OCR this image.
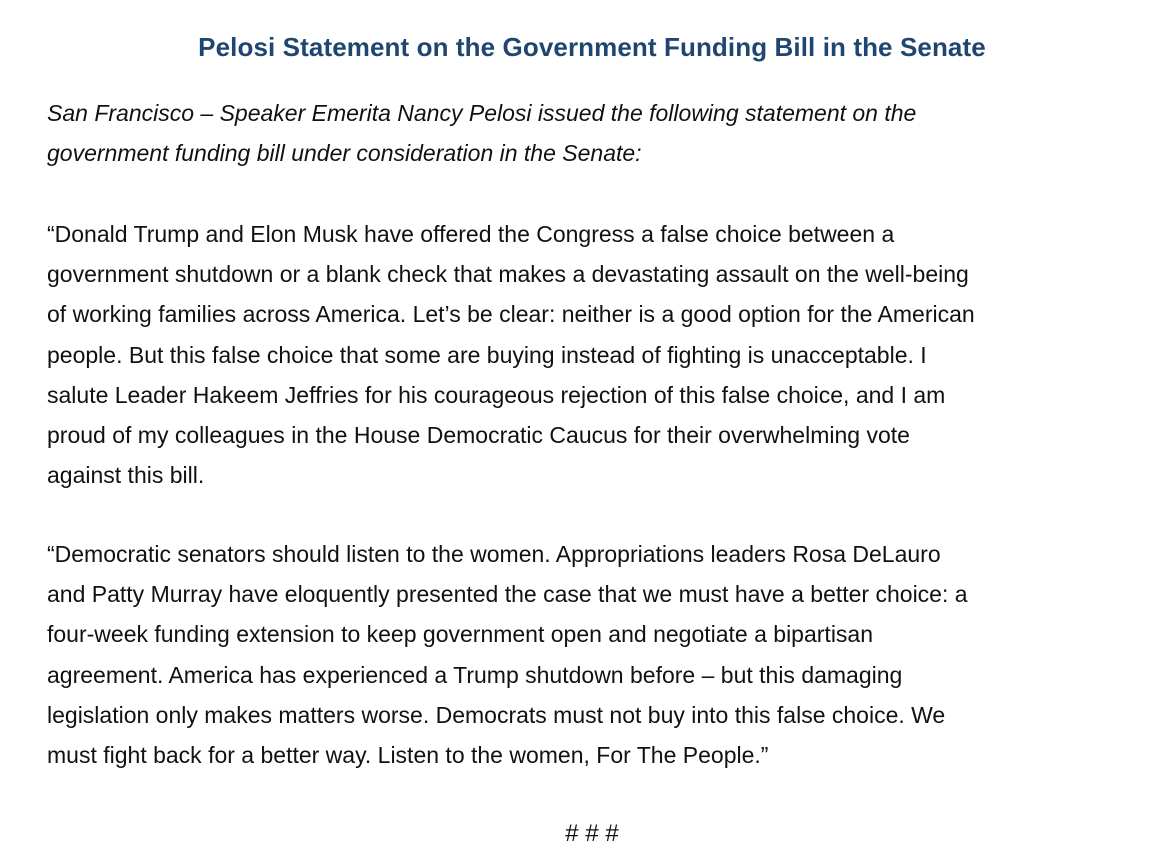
Pelosi Statement on the Government Funding Bill in the Senate

San Francisco – Speaker Emerita Nancy Pelosi issued the following statement on the
government funding bill under consideration in the Senate:

“Donald Trump and Elon Musk have offered the Congress a false choice between a
government shutdown or a blank check that makes a devastating assault on the well-being
of working families across America. Let’s be clear: neither is a good option for the American
people. But this false choice that some are buying instead of fighting is unacceptable. I
salute Leader Hakeem Jeffries for his courageous rejection of this false choice, and I am
proud of my colleagues in the House Democratic Caucus for their overwhelming vote
against this bill.

“Democratic senators should listen to the women. Appropriations leaders Rosa DeLauro
and Patty Murray have eloquently presented the case that we must have a better choice: a
four-week funding extension to keep government open and negotiate a bipartisan
agreement. America has experienced a Trump shutdown before – but this damaging
legislation only makes matters worse. Democrats must not buy into this false choice. We
must fight back for a better way. Listen to the women, For The People.”

# # #
